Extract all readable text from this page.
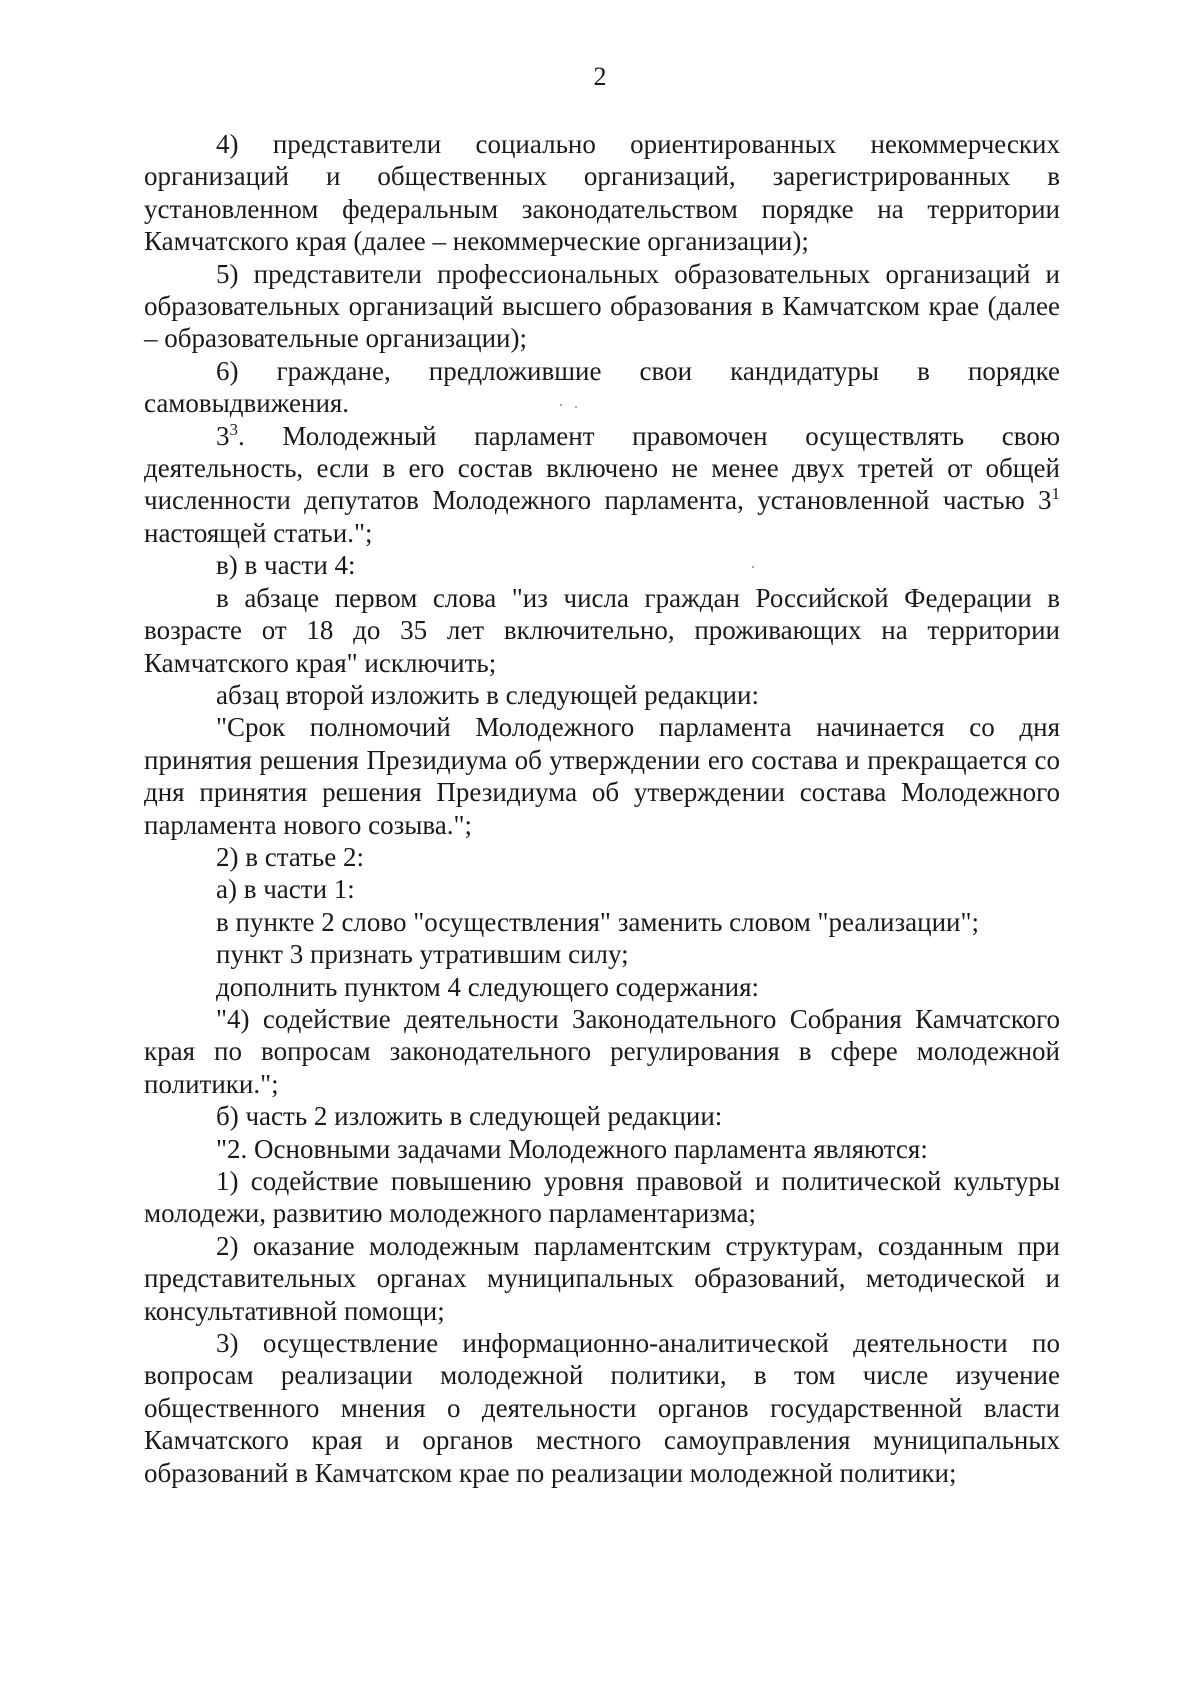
2

4) представители социально ориентированных некоммерческих организаций и общественных организаций, зарегистрированных в установленном федеральным законодательством порядке на территории Камчатского края (далее – некоммерческие организации);

5) представители профессиональных образовательных организаций и образовательных организаций высшего образования в Камчатском крае (далее – образовательные организации);

6) граждане, предложившие свои кандидатуры в порядке самовыдвижения.

$3^3$. Молодежный парламент правомочен осуществлять свою деятельность, если в его состав включено не менее двух третей от общей численности депутатов Молодежного парламента, установленной частью $3^1$ настоящей статьи.";

в) в части 4:

в абзаце первом слова "из числа граждан Российской Федерации в возрасте от 18 до 35 лет включительно, проживающих на территории Камчатского края" исключить;

абзац второй изложить в следующей редакции:

"Срок полномочий Молодежного парламента начинается со дня принятия решения Президиума об утверждении его состава и прекращается со дня принятия решения Президиума об утверждении состава Молодежного парламента нового созыва.";

2) в статье 2:

а) в части 1:

в пункте 2 слово "осуществления" заменить словом "реализации";

пункт 3 признать утратившим силу;

дополнить пунктом 4 следующего содержания:

"4) содействие деятельности Законодательного Собрания Камчатского края по вопросам законодательного регулирования в сфере молодежной политики.";

б) часть 2 изложить в следующей редакции:

"2. Основными задачами Молодежного парламента являются:

1) содействие повышению уровня правовой и политической культуры молодежи, развитию молодежного парламентаризма;

2) оказание молодежным парламентским структурам, созданным при представительных органах муниципальных образований, методической и консультативной помощи;

3) осуществление информационно-аналитической деятельности по вопросам реализации молодежной политики, в том числе изучение общественного мнения о деятельности органов государственной власти Камчатского края и органов местного самоуправления муниципальных образований в Камчатском крае по реализации молодежной политики;
